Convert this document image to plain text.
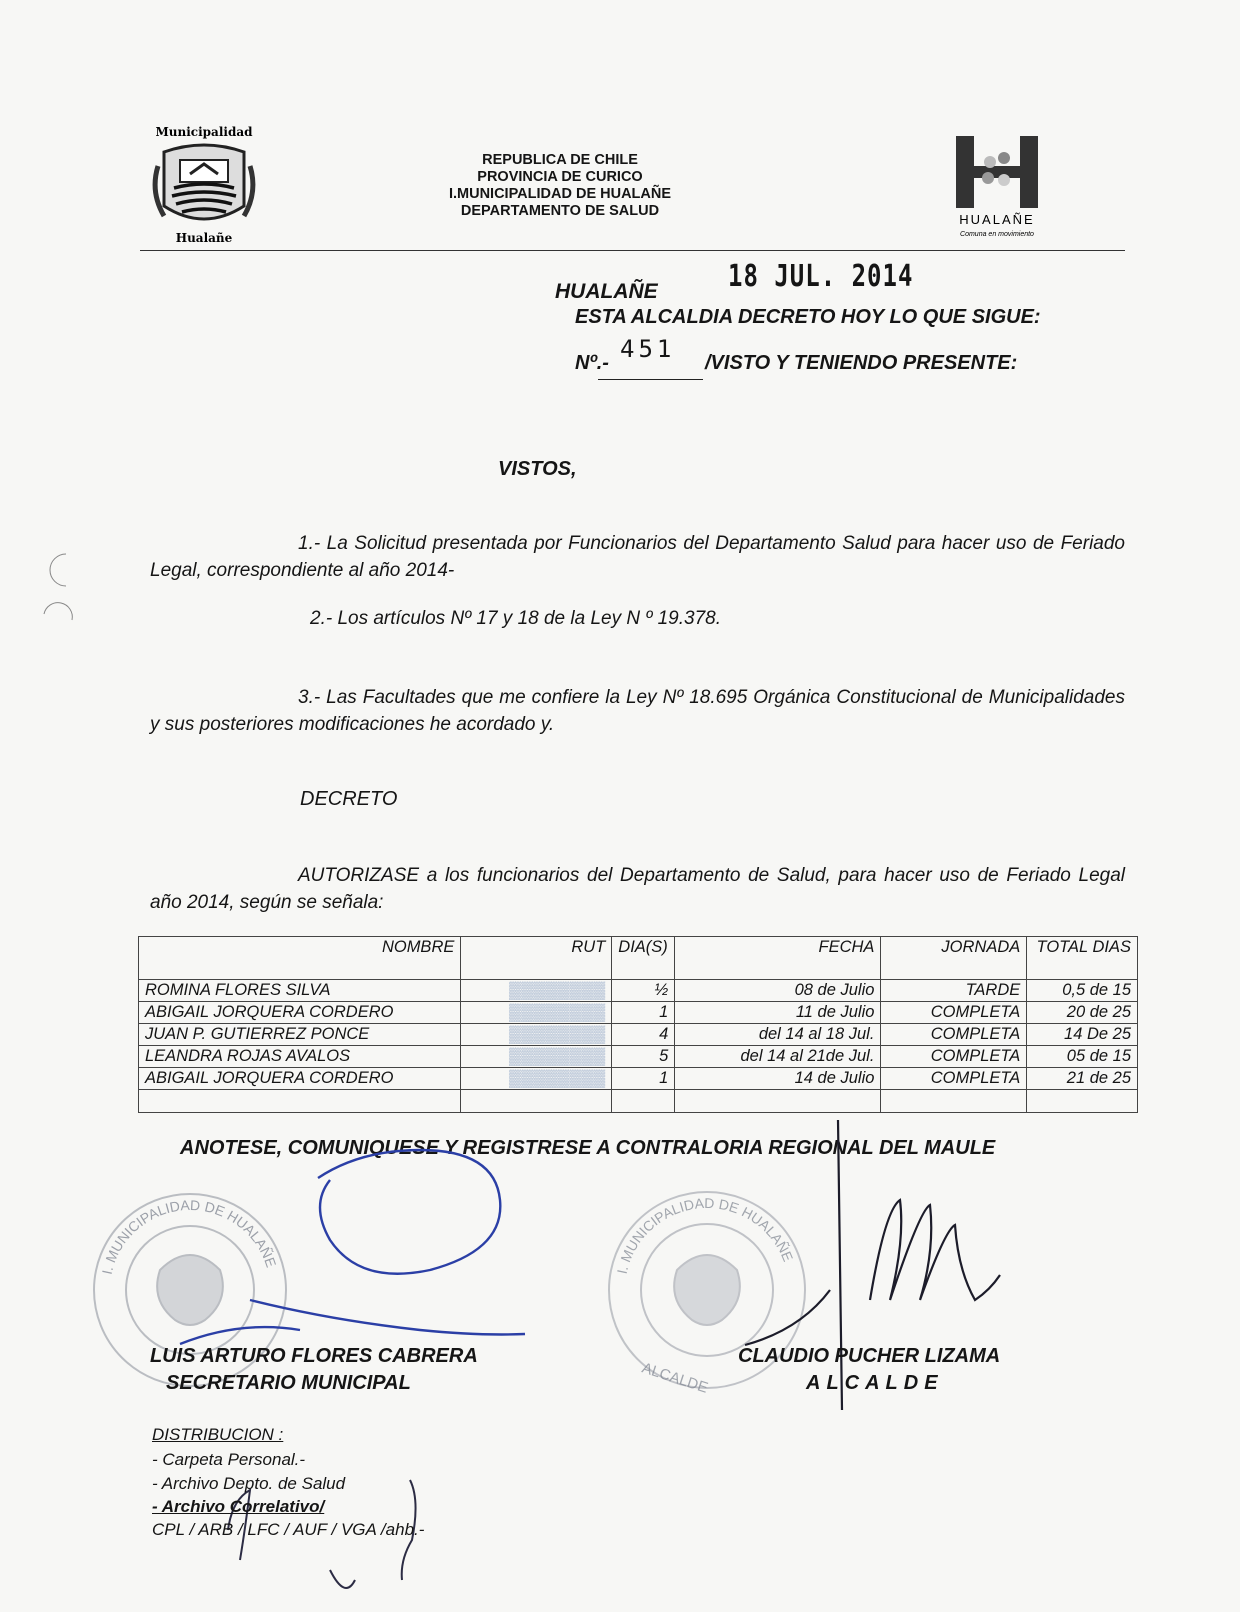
Municipalidad
Hualañe
REPUBLICA DE CHILE
PROVINCIA DE CURICO
I.MUNICIPALIDAD DE HUALAÑE
DEPARTAMENTO DE SALUD
HUALAÑE
Comuna en movimiento
HUALAÑE	18 JUL. 2014
ESTA ALCALDIA DECRETO HOY LO QUE SIGUE:
Nº.- 451 /VISTO Y TENIENDO PRESENTE:
VISTOS,
1.- La Solicitud presentada por Funcionarios del Departamento Salud para hacer uso de Feriado Legal, correspondiente al año 2014-
2.- Los artículos Nº 17 y 18 de la Ley N º 19.378.
3.- Las Facultades que me confiere la Ley Nº 18.695 Orgánica Constitucional de Municipalidades y sus posteriores modificaciones he acordado y.
DECRETO
AUTORIZASE a los funcionarios del Departamento de Salud, para hacer uso de Feriado Legal año 2014, según se señala:
NOMBRE	RUT	DIA(S)	FECHA	JORNADA	TOTAL DIAS
ROMINA FLORES SILVA	▓▓▓▓▓▓▓▓	½	08 de Julio	TARDE	0,5 de 15
ABIGAIL JORQUERA CORDERO	▓▓▓▓▓▓▓▓	1	11 de Julio	COMPLETA	20 de 25
JUAN P. GUTIERREZ PONCE	▓▓▓▓▓▓▓▓	4	del 14 al 18 Jul.	COMPLETA	14 De 25
LEANDRA ROJAS AVALOS	▓▓▓▓▓▓▓▓	5	del 14 al 21de Jul.	COMPLETA	05 de 15
ABIGAIL JORQUERA CORDERO	▓▓▓▓▓▓▓▓	1	14 de Julio	COMPLETA	21 de 25

ANOTESE, COMUNIQUESE Y REGISTRESE A CONTRALORIA REGIONAL DEL MAULE
I. MUNICIPALIDAD DE HUALAÑE
I. MUNICIPALIDAD DE HUALAÑE
ALCALDE
LUIS ARTURO FLORES CABRERA
SECRETARIO MUNICIPAL
CLAUDIO PUCHER LIZAMA
ALCALDE
DISTRIBUCION :
- Carpeta Personal.-
- Archivo Depto. de Salud
- Archivo Correlativo/
CPL / ARB / LFC / AUF / VGA /ahb.-
